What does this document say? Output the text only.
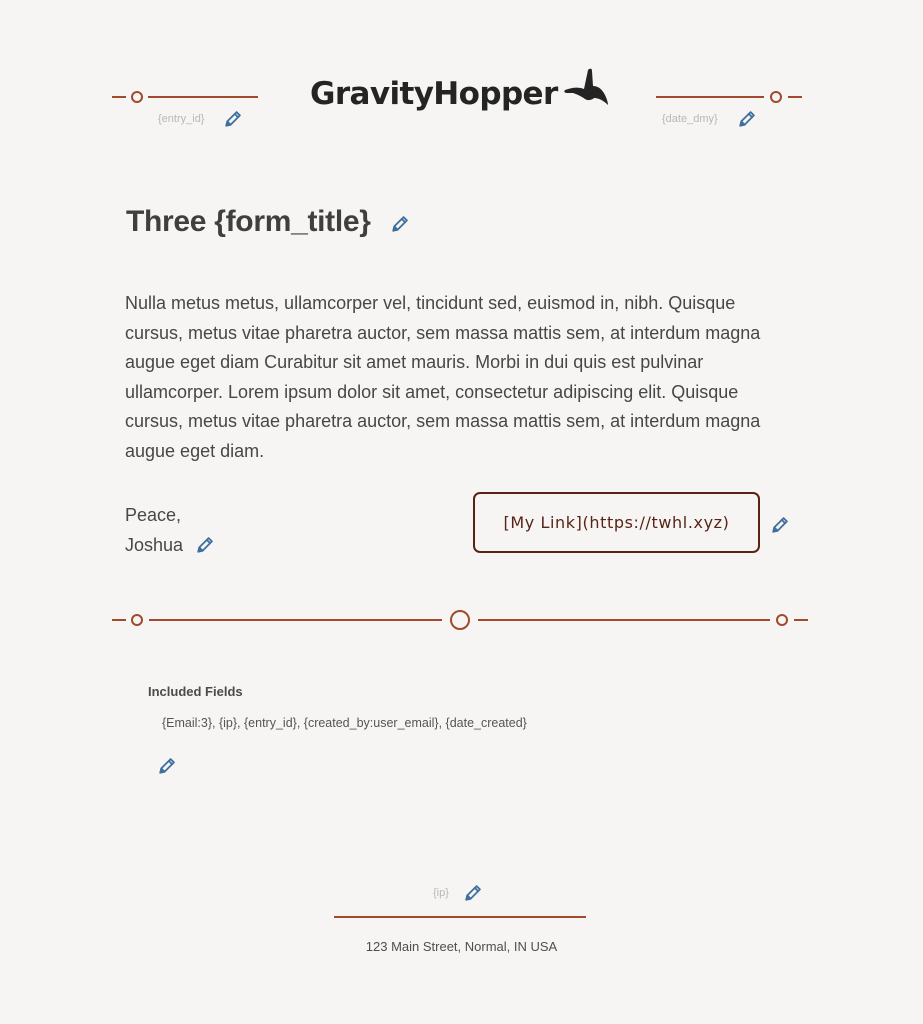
{entry_id}
GravityHopper
{date_dmy}
Three {form_title}
Nulla metus metus, ullamcorper vel, tincidunt sed, euismod in, nibh. Quisque cursus, metus vitae pharetra auctor, sem massa mattis sem, at interdum magna augue eget diam Curabitur sit amet mauris. Morbi in dui quis est pulvinar ullamcorper. Lorem ipsum dolor sit amet, consectetur adipiscing elit. Quisque cursus, metus vitae pharetra auctor, sem massa mattis sem, at interdum magna augue eget diam.
Peace,
Joshua
[My Link](https://twhl.xyz)
Included Fields
{Email:3}, {ip}, {entry_id}, {created_by:user_email}, {date_created}
{ip}
123 Main Street, Normal, IN USA
